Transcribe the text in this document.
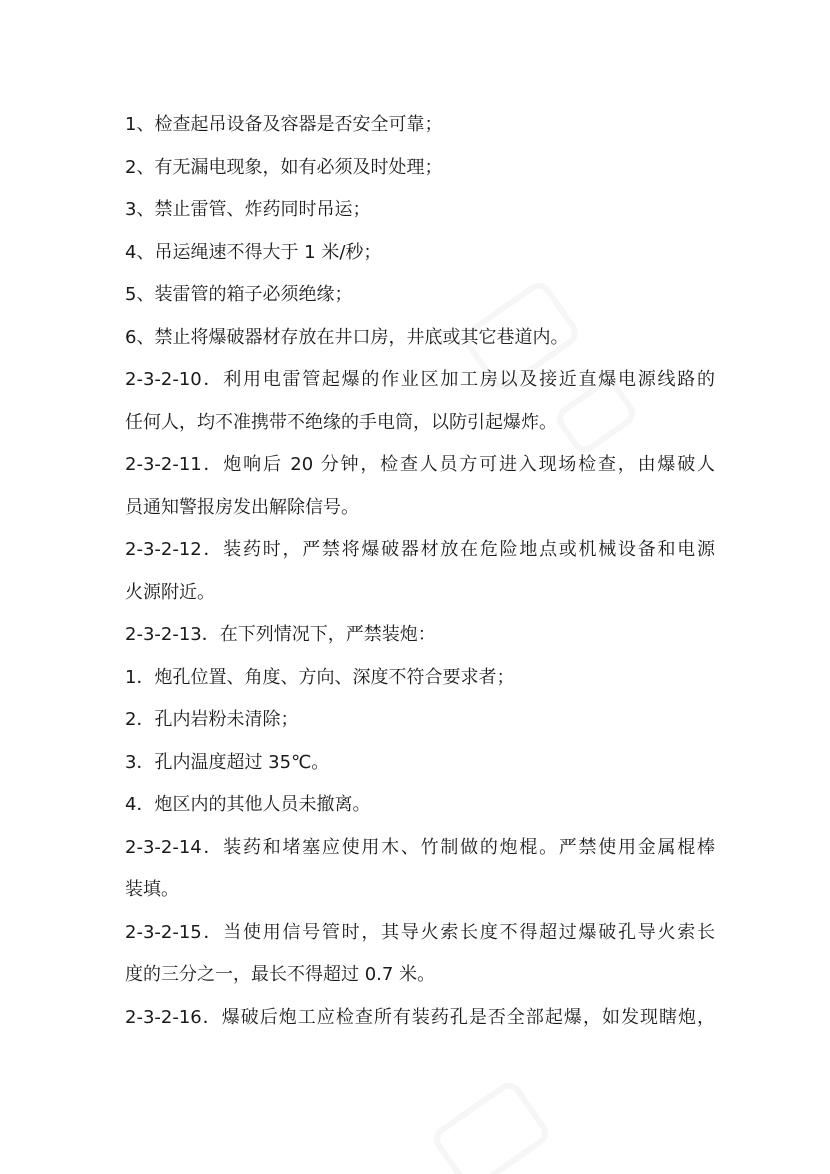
1、检查起吊设备及容器是否安全可靠；
2、有无漏电现象，如有必须及时处理；
3、禁止雷管、炸药同时吊运；
4、吊运绳速不得大于 1 米/秒；
5、装雷管的箱子必须绝缘；
6、禁止将爆破器材存放在井口房，井底或其它巷道内。
2-3-2-10．利用电雷管起爆的作业区加工房以及接近直爆电源线路的
任何人，均不准携带不绝缘的手电筒，以防引起爆炸。
2-3-2-11．炮响后 20 分钟，检查人员方可进入现场检查，由爆破人
员通知警报房发出解除信号。
2-3-2-12．装药时，严禁将爆破器材放在危险地点或机械设备和电源
火源附近。
2-3-2-13．在下列情况下，严禁装炮：
1．炮孔位置、角度、方向、深度不符合要求者；
2．孔内岩粉未清除；
3．孔内温度超过 35℃。
4．炮区内的其他人员未撤离。
2-3-2-14．装药和堵塞应使用木、竹制做的炮棍。严禁使用金属棍棒
装填。
2-3-2-15．当使用信号管时，其导火索长度不得超过爆破孔导火索长
度的三分之一，最长不得超过 0.7 米。
2-3-2-16．爆破后炮工应检查所有装药孔是否全部起爆，如发现瞎炮，
